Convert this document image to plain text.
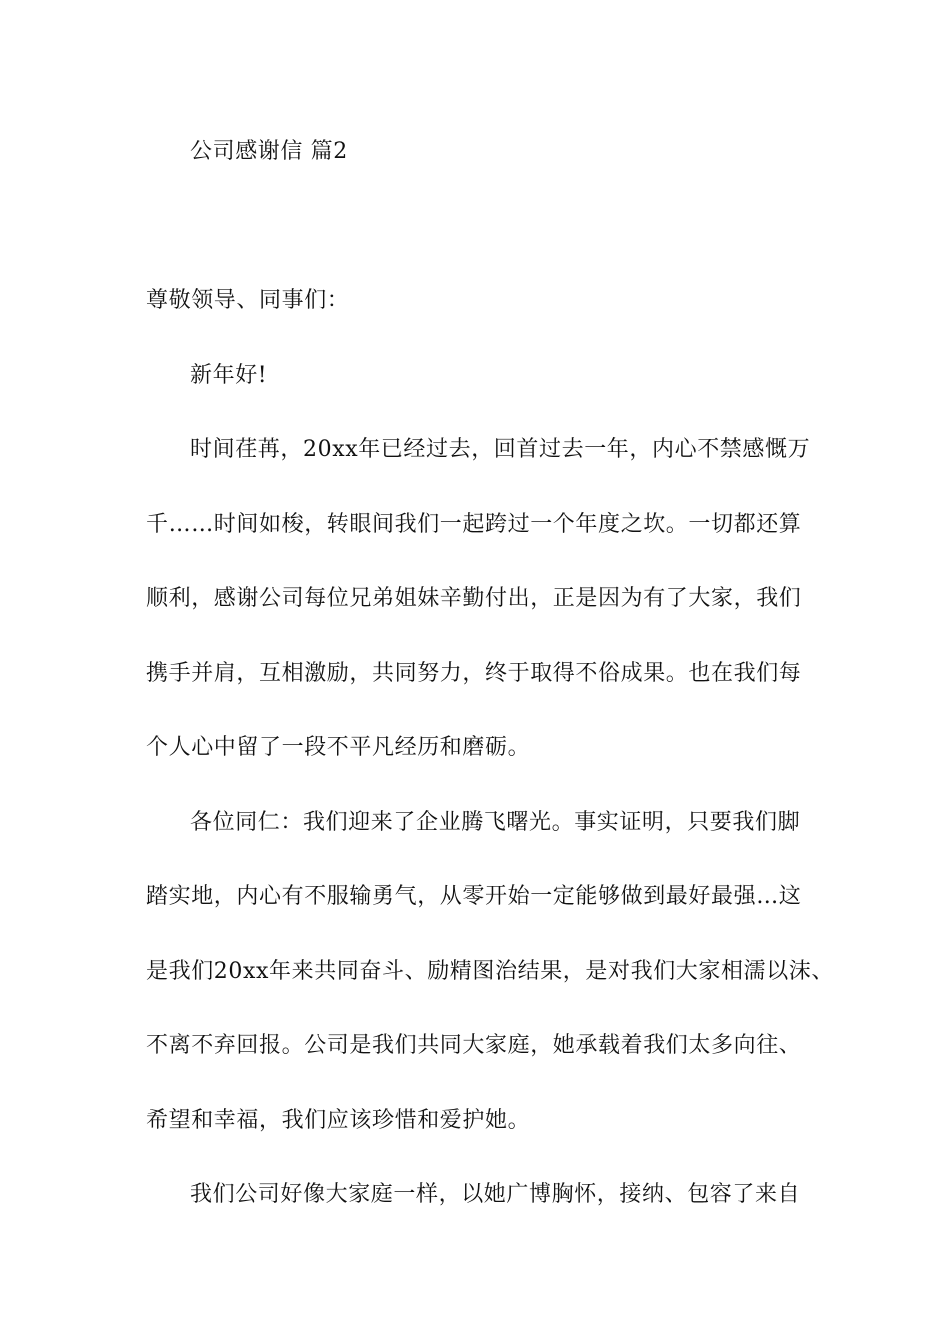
公司感谢信 篇2
尊敬领导、同事们：
新年好!
时间荏苒，20xx年已经过去，回首过去一年，内心不禁感慨万
千……时间如梭，转眼间我们一起跨过一个年度之坎。一切都还算
顺利，感谢公司每位兄弟姐妹辛勤付出，正是因为有了大家，我们
携手并肩，互相激励，共同努力，终于取得不俗成果。也在我们每
个人心中留了一段不平凡经历和磨砺。
各位同仁：我们迎来了企业腾飞曙光。事实证明，只要我们脚
踏实地，内心有不服输勇气，从零开始一定能够做到最好最强…这
是我们20xx年来共同奋斗、励精图治结果，是对我们大家相濡以沫、
不离不弃回报。公司是我们共同大家庭，她承载着我们太多向往、
希望和幸福，我们应该珍惜和爱护她。
我们公司好像大家庭一样，以她广博胸怀，接纳、包容了来自
